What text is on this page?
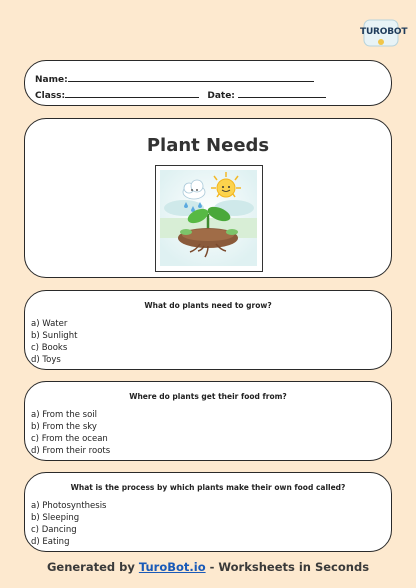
TUROBOT
Name:
Class:	Date:
Plant Needs
What do plants need to grow?
a) Water
b) Sunlight
c) Books
d) Toys
Where do plants get their food from?
a) From the soil
b) From the sky
c) From the ocean
d) From their roots
What is the process by which plants make their own food called?
a) Photosynthesis
b) Sleeping
c) Dancing
d) Eating
Generated by TuroBot.io - Worksheets in Seconds
